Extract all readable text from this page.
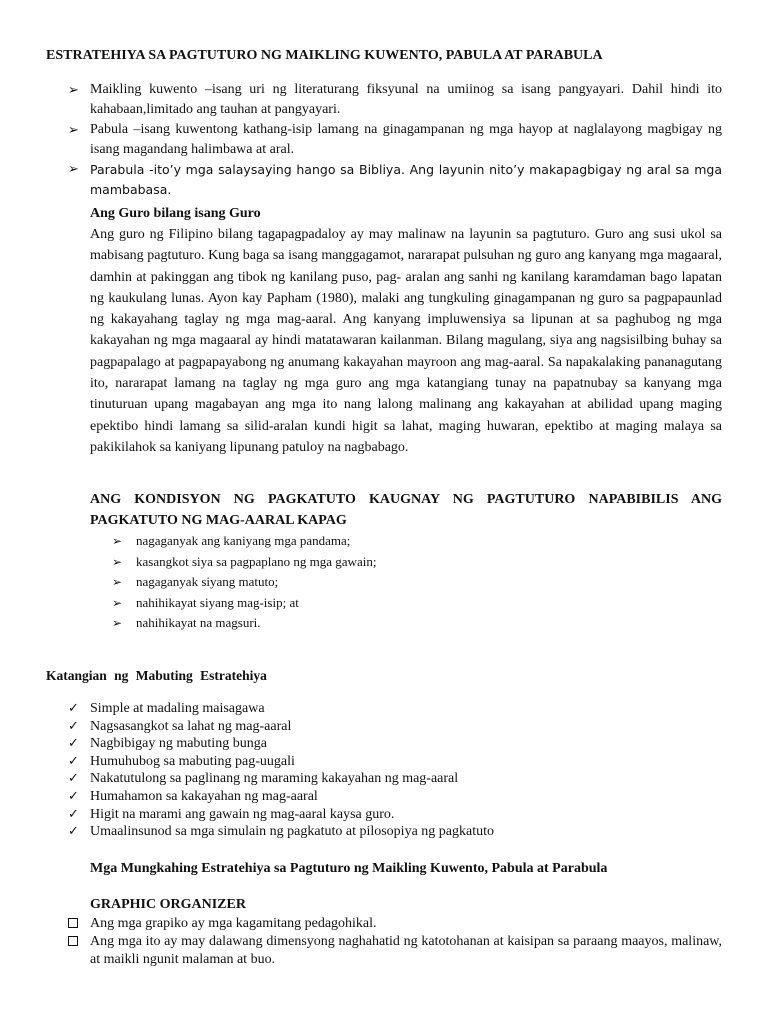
ESTRATEHIYA SA PAGTUTURO NG MAIKLING KUWENTO, PABULA AT PARABULA
➢ Maikling kuwento –isang uri ng literaturang fiksyunal na umiinog sa isang pangyayari. Dahil hindi ito kahabaan,limitado ang tauhan at pangyayari.
➢ Pabula –isang kuwentong kathang-isip lamang na ginagampanan ng mga hayop at naglalayong magbigay ng isang magandang halimbawa at aral.
➢ Parabula -ito’y mga salaysaying hango sa Bibliya. Ang layunin nito’y makapagbigay ng aral sa mga mambabasa.
Ang Guro bilang isang Guro

Ang guro ng Filipino bilang tagapagpadaloy ay may malinaw na layunin sa pagtuturo. Guro ang susi ukol sa mabisang pagtuturo. Kung baga sa isang manggagamot, nararapat pulsuhan ng guro ang kanyang mga magaaral, damhin at pakinggan ang tibok ng kanilang puso, pag- aralan ang sanhi ng kanilang karamdaman bago lapatan ng kaukulang lunas. Ayon kay Papham (1980), malaki ang tungkuling ginagampanan ng guro sa pagpapaunlad ng kakayahang taglay ng mga mag-aaral. Ang kanyang impluwensiya sa lipunan at sa paghubog ng mga kakayahan ng mga magaaral ay hindi matatawaran kailanman. Bilang magulang, siya ang nagsisilbing buhay sa pagpapalago at pagpapayabong ng anumang kakayahan mayroon ang mag-aaral. Sa napakalaking pananagutang ito, nararapat lamang na taglay ng mga guro ang mga katangiang tunay na papatnubay sa kanyang mga tinuturuan upang magabayan ang mga ito nang lalong malinang ang kakayahan at abilidad upang maging epektibo hindi lamang sa silid-aralan kundi higit sa lahat, maging huwaran, epektibo at maging malaya sa pakikilahok sa kaniyang lipunang patuloy na nagbabago.

ANG KONDISYON NG PAGKATUTO KAUGNAY NG PAGTUTURO NAPABIBILIS ANG PAGKATUTO NG MAG-AARAL KAPAG
➢ nagaganyak ang kaniyang mga pandama;
➢ kasangkot siya sa pagpaplano ng mga gawain;
➢ nagaganyak siyang matuto;
➢ nahihikayat siyang mag-isip; at
➢ nahihikayat na magsuri.
Katangian ng Mabuting Estratehiya
✓ Simple at madaling maisagawa
✓ Nagsasangkot sa lahat ng mag-aaral
✓ Nagbibigay ng mabuting bunga
✓ Humuhubog sa mabuting pag-uugali
✓ Nakatutulong sa paglinang ng maraming kakayahan ng mag-aaral
✓ Humahamon sa kakayahan ng mag-aaral
✓ Higit na marami ang gawain ng mag-aaral kaysa guro.
✓ Umaalinsunod sa mga simulain ng pagkatuto at pilosopiya ng pagkatuto
Mga Mungkahing Estratehiya sa Pagtuturo ng Maikling Kuwento, Pabula at Parabula
GRAPHIC ORGANIZER
Ang mga grapiko ay mga kagamitang pedagohikal.
Ang mga ito ay may dalawang dimensyong naghahatid ng katotohanan at kaisipan sa paraang maayos, malinaw, at maikli ngunit malaman at buo.
